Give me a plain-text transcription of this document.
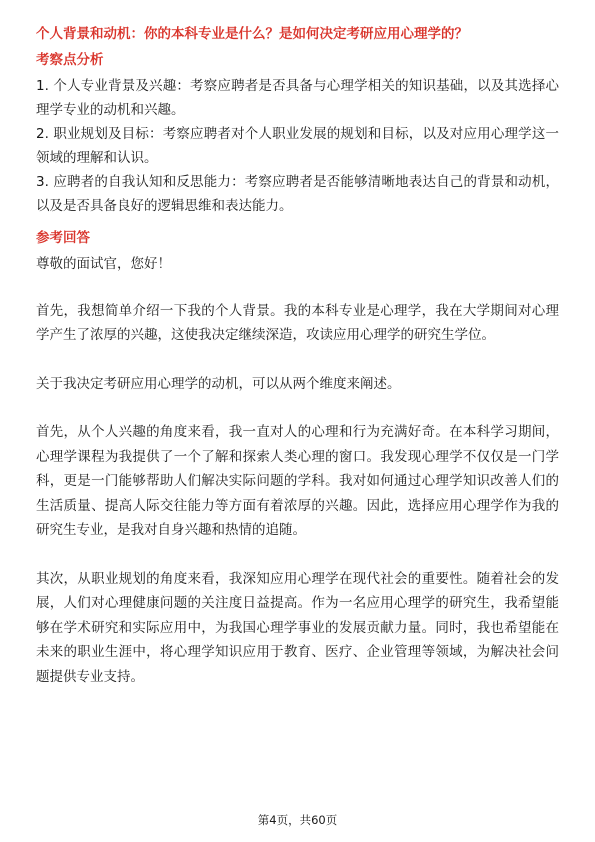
个人背景和动机：你的本科专业是什么？是如何决定考研应用心理学的？

考察点分析

1. 个人专业背景及兴趣：考察应聘者是否具备与心理学相关的知识基础，以及其选择心理学专业的动机和兴趣。

2. 职业规划及目标：考察应聘者对个人职业发展的规划和目标，以及对应用心理学这一领域的理解和认识。

3. 应聘者的自我认知和反思能力：考察应聘者是否能够清晰地表达自己的背景和动机，以及是否具备良好的逻辑思维和表达能力。

参考回答

尊敬的面试官，您好！

首先，我想简单介绍一下我的个人背景。我的本科专业是心理学，我在大学期间对心理学产生了浓厚的兴趣，这使我决定继续深造，攻读应用心理学的研究生学位。

关于我决定考研应用心理学的动机，可以从两个维度来阐述。

首先，从个人兴趣的角度来看，我一直对人的心理和行为充满好奇。在本科学习期间，心理学课程为我提供了一个了解和探索人类心理的窗口。我发现心理学不仅仅是一门学科，更是一门能够帮助人们解决实际问题的学科。我对如何通过心理学知识改善人们的生活质量、提高人际交往能力等方面有着浓厚的兴趣。因此，选择应用心理学作为我的研究生专业，是我对自身兴趣和热情的追随。

其次，从职业规划的角度来看，我深知应用心理学在现代社会的重要性。随着社会的发展，人们对心理健康问题的关注度日益提高。作为一名应用心理学的研究生，我希望能够在学术研究和实际应用中，为我国心理学事业的发展贡献力量。同时，我也希望能在未来的职业生涯中，将心理学知识应用于教育、医疗、企业管理等领域，为解决社会问题提供专业支持。

第4页，共60页
